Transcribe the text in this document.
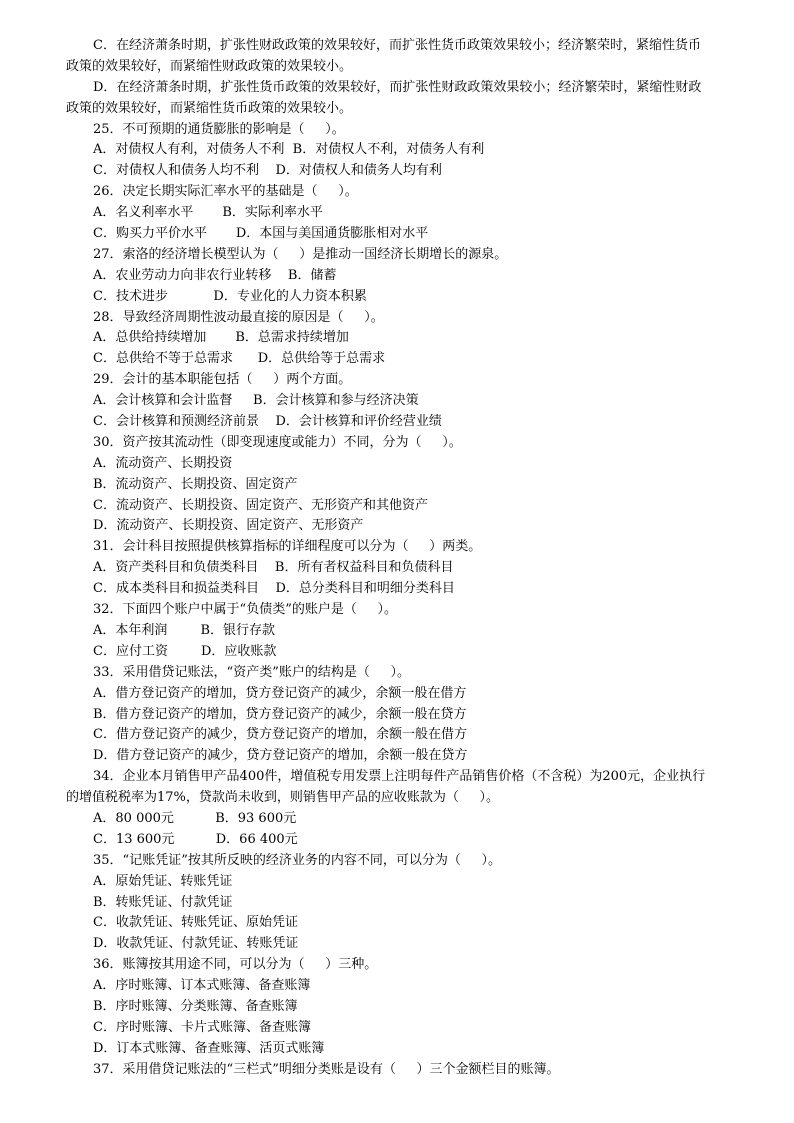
C．在经济萧条时期，扩张性财政政策的效果较好，而扩张性货币政策效果较小；经济繁荣时，紧缩性货币
政策的效果较好，而紧缩性财政政策的效果较小。
D．在经济萧条时期，扩张性货币政策的效果较好，而扩张性财政政策效果较小；经济繁荣时，紧缩性财政
政策的效果较好，而紧缩性货币政策的效果较小。
25．不可预期的通货膨胀的影响是（     ）。
A．对债权人有利，对债务人不利  B．对债权人不利，对债务人有利
C．对债权人和债务人均不利    D．对债权人和债务人均有利
26．决定长期实际汇率水平的基础是（     ）。
A．名义利率水平       B．实际利率水平
C．购买力平价水平       D．本国与美国通货膨胀相对水平
27．索洛的经济增长模型认为（     ）是推动一国经济长期增长的源泉。
A．农业劳动力向非农行业转移    B．储蓄
C．技术进步           D．专业化的人力资本积累
28．导致经济周期性波动最直接的原因是（     ）。
A．总供给持续增加       B．总需求持续增加
C．总供给不等于总需求      D．总供给等于总需求
29．会计的基本职能包括（     ）两个方面。
A．会计核算和会计监督     B．会计核算和参与经济决策
C．会计核算和预测经济前景    D．会计核算和评价经营业绩
30．资产按其流动性（即变现速度或能力）不同，分为（     ）。
A．流动资产、长期投资
B．流动资产、长期投资、固定资产
C．流动资产、长期投资、固定资产、无形资产和其他资产
D．流动资产、长期投资、固定资产、无形资产
31．会计科目按照提供核算指标的详细程度可以分为（     ）两类。
A．资产类科目和负债类科目    B．所有者权益科目和负债科目
C．成本类科目和损益类科目    D．总分类科目和明细分类科目
32．下面四个账户中属于“负债类”的账户是（     ）。
A．本年利润        B．银行存款
C．应付工资        D．应收账款
33．采用借贷记账法，“资产类”账户的结构是（     ）。
A．借方登记资产的增加，贷方登记资产的减少，余额一般在借方
B．借方登记资产的增加，贷方登记资产的减少，余额一般在贷方
C．借方登记资产的减少，贷方登记资产的增加，余额一般在借方
D．借方登记资产的减少，贷方登记资产的增加，余额一般在贷方
34．企业本月销售甲产品400件，增值税专用发票上注明每件产品销售价格（不含税）为200元，企业执行
的增值税税率为17%，贷款尚未收到，则销售甲产品的应收账款为（     ）。
A．80 000元          B．93 600元
C．13 600元          D．66 400元
35．“记账凭证”按其所反映的经济业务的内容不同，可以分为（     ）。
A．原始凭证、转账凭证
B．转账凭证、付款凭证
C．收款凭证、转账凭证、原始凭证
D．收款凭证、付款凭证、转账凭证
36．账簿按其用途不同，可以分为（     ）三种。
A．序时账簿、订本式账簿、备查账簿
B．序时账簿、分类账簿、备查账簿
C．序时账簿、卡片式账簿、备查账簿
D．订本式账簿、备查账簿、活页式账簿
37．采用借贷记账法的“三栏式”明细分类账是设有（     ）三个金额栏目的账簿。
